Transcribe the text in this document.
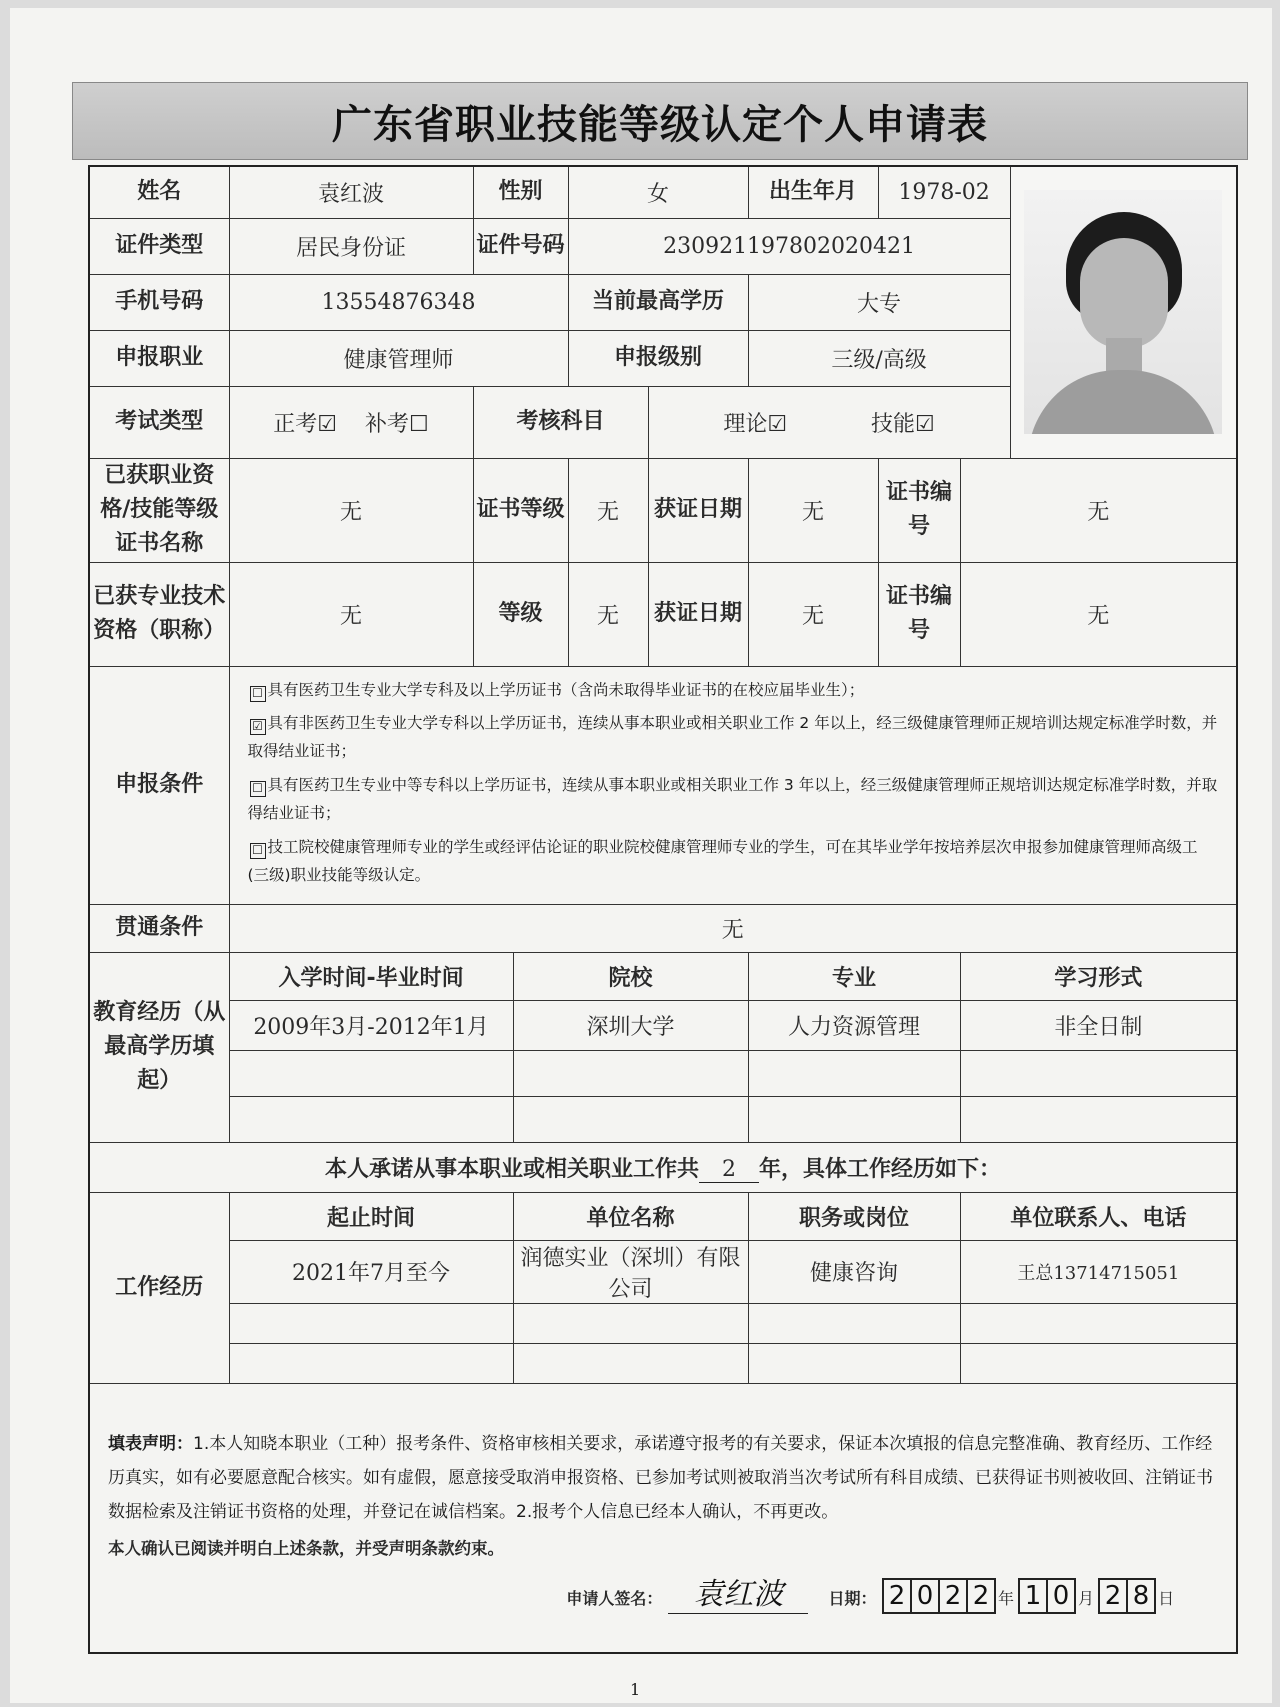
广东省职业技能等级认定个人申请表
姓名	袁红波	性别		女		出生年月	1978-02		

证件类型	居民身份证	证件号码		230921197802020421					
手机号码	13554876348			当前最高学历		大专			
申报职业	健康管理师			申报级别		三级/高级			
考试类型	正考☑ 补考☐	考核科目			理论☑ 技能☑				
已获职业资格/技能等级证书名称	无	证书等级		无	获证日期	无	证书编号	无	
已获专业技术资格（职称）	无	等级		无	获证日期	无	证书编号	无	
申报条件	☐ 具有医药卫生专业大学专科及以上学历证书（含尚未取得毕业证书的在校应届毕业生）；

☑ 具有非医药卫生专业大学专科以上学历证书，连续从事本职业或相关职业工作 2 年以上，经三级健康管理师正规培训达规定标准学时数，并取得结业证书；

☐ 具有医药卫生专业中等专科以上学历证书，连续从事本职业或相关职业工作 3 年以上，经三级健康管理师正规培训达规定标准学时数，并取得结业证书；

☐ 技工院校健康管理师专业的学生或经评估论证的职业院校健康管理师专业的学生，可在其毕业学年按培养层次申报参加健康管理师高级工(三级)职业技能等级认定。								

贯通条件	无								
教育经历（从最高学历填起）	入学时间-毕业时间		院校			专业		学习形式	
	2009年3月-2012年1月		深圳大学			人力资源管理		非全日制	

本人承诺从事本职业或相关职业工作共 2 年，具体工作经历如下：									
工作经历	起止时间		单位名称			职务或岗位		单位联系人、电话	
	2021年7月至今		润德实业（深圳）有限公司			健康咨询		王总13714715051	

填表声明：1.本人知晓本职业（工种）报考条件、资格审核相关要求，承诺遵守报考的有关要求，保证本次填报的信息完整准确、教育经历、工作经历真实，如有必要愿意配合核实。如有虚假，愿意接受取消申报资格、已参加考试则被取消当次考试所有科目成绩、已获得证书则被收回、注销证书数据检索及注销证书资格的处理，并登记在诚信档案。2.报考个人信息已经本人确认，不再更改。

本人确认已阅读并明白上述条款，并受声明条款约束。

申请人签名： 袁红波 日期： 2 0 2 2 年 1 0 月 2 8 日									
1
